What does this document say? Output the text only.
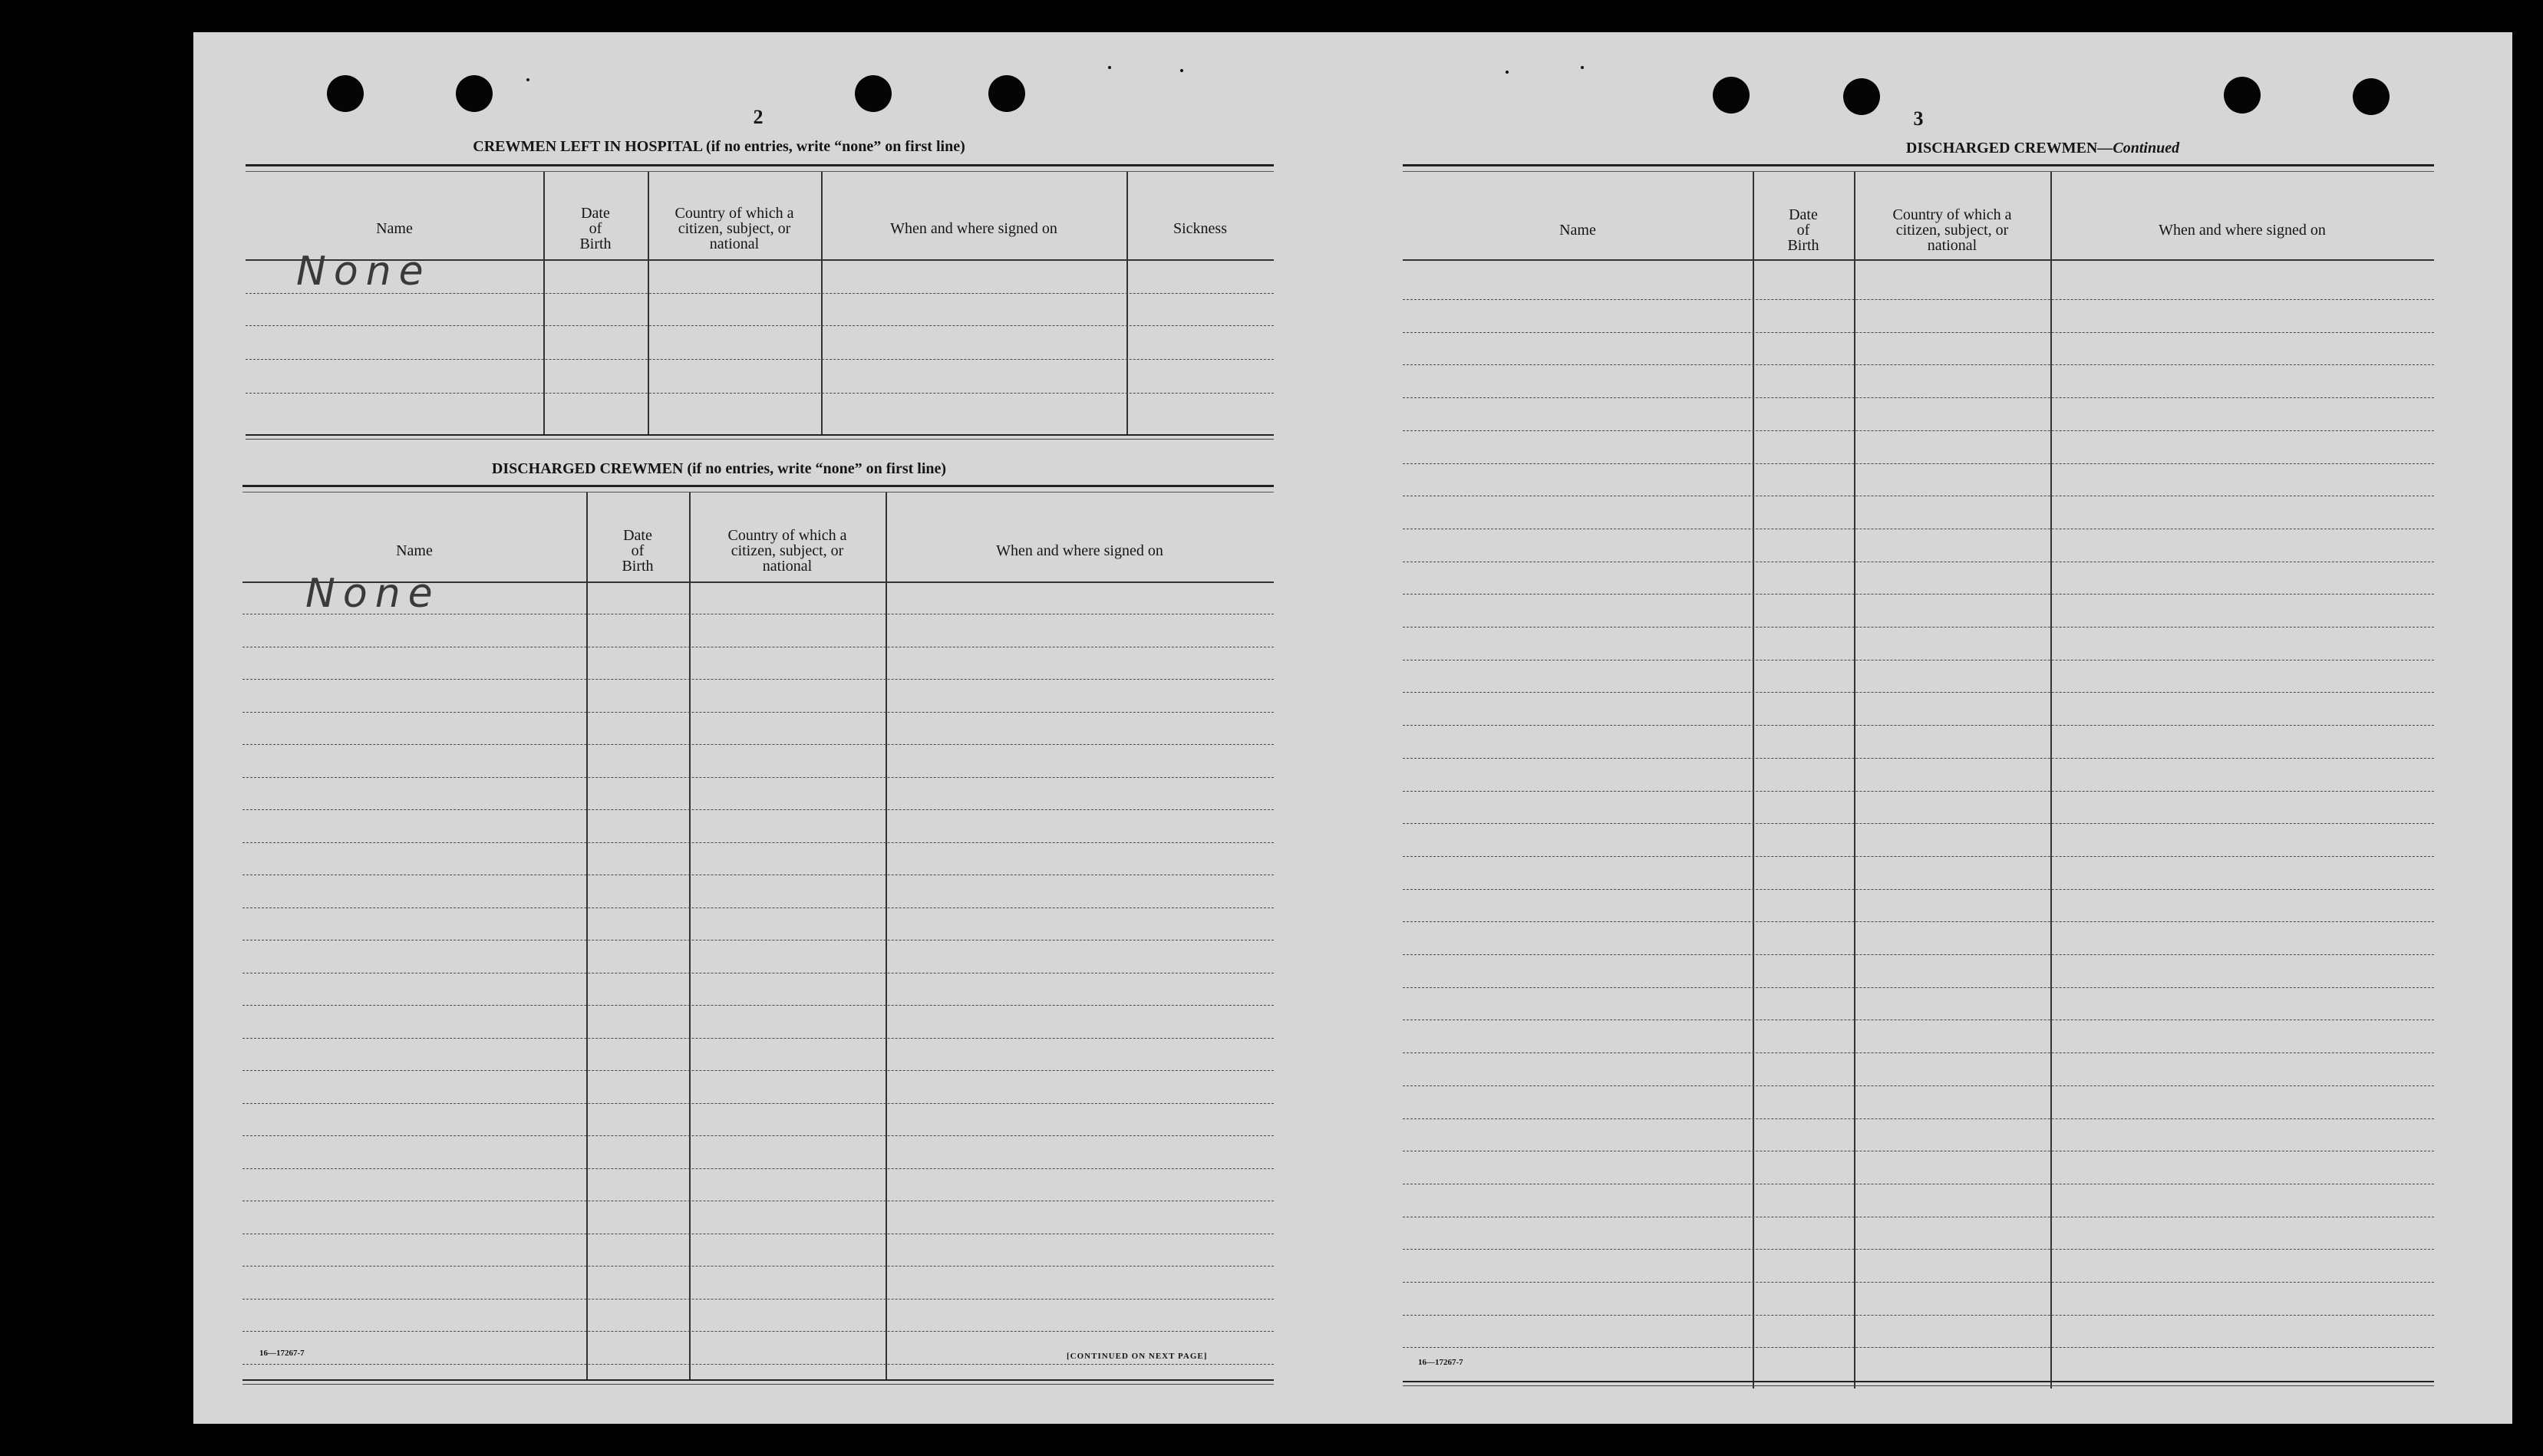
2
CREWMEN LEFT IN HOSPITAL (if no entries, write “none” on first line)
Name
Date
of
Birth
Country of which a
citizen, subject, or
national
When and where signed on	Sickness
None
DISCHARGED CREWMEN (if no entries, write “none” on first line)
Name
Date
of
Birth
Country of which a
citizen, subject, or
national
When and where signed on
None
16—17267-7	[CONTINUED ON NEXT PAGE]
3
DISCHARGED CREWMEN—Continued
Name
Date
of
Birth
Country of which a
citizen, subject, or
national
When and where signed on
16—17267-7
